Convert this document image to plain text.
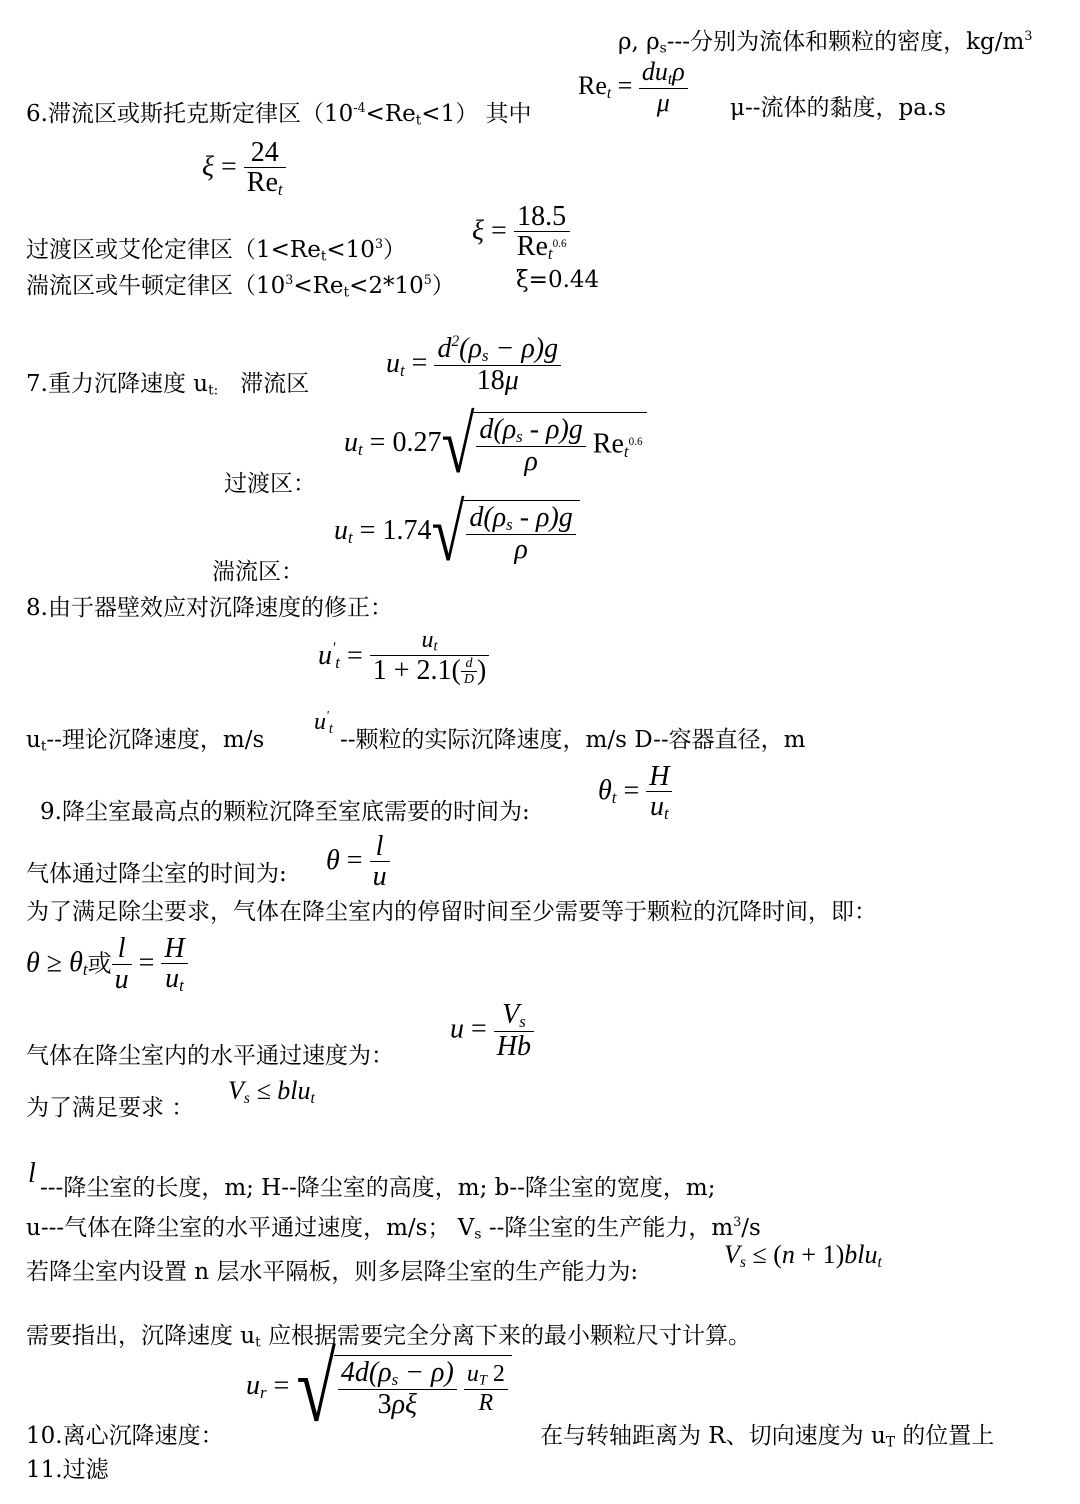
ρ, $\rho_s---$分别为流体和颗粒的密度，$kg/m^3$
6.滞流区或斯托克斯定律区$(10^{-4}<Re_t<1)$ 其中
$Re_t = \frac{du_t\rho}{\mu} \mu--$流体的黏度，pa.s
$\xi = \frac{24}{Re_t}$
过渡区或艾伦定律区$(1<Re_t<10^3)$
$\xi = \frac{18.5}{Re_t^{0.6}}$
湍流区或牛顿定律区$(10^3<Re_t<2*10^5)$	ξ=0.44
7.重力沉降速度 $u_{t:}$   滞流区
$u_t = \frac{d^2(\rho_s - \rho)g}{18\mu}$
过渡区：
$u_t = 0.27√ \frac{d(\rho_s - \rho)g}{\rho} Re_t^{0.6}$
湍流区：
$u_t = 1.74√ \frac{d(\rho_s - \rho)g}{\rho}$
8.由于器壁效应对沉降速度的修正：
$u'_t = \frac{u_t}{1 + 2.1( \frac{d}{D} )}$
$u_t--$理论沉降速度，m/s
$u'_t$ --颗粒的实际沉降速度，m/s D--容器直径，m
9.降尘室最高点的颗粒沉降至室底需要的时间为:
$\theta_t = \frac{H}{u_t}$
气体通过降尘室的时间为: $\theta = \frac{l}{u}$
为了满足除尘要求，气体在降尘室内的停留时间至少需要等于颗粒的沉降时间，即：
$\theta \ge \theta_t$或 $\frac{l}{u} = \frac{H}{u_t}$
$u = \frac{V_s}{Hb}$
气体在降尘室内的水平通过速度为：
为了满足要求 ：
$V_s \le blu_t$
l ---降尘室的长度，m; H--降尘室的高度，m; b--降尘室的宽度，m;
u---气体在降尘室的水平通过速度，m/s； $V_s$ --降尘室的生产能力，$m^3/s$
若降尘室内设置 n 层水平隔板，则多层降尘室的生产能力为:
$V_s \le (n + 1)blu_t$
需要指出，沉降速度 $u_t$ 应根据需要完全分离下来的最小颗粒尺寸计算。
$u_r$ = √ $\frac{4d(\rho_s - \rho)}{3\rho\xi}$
$\frac{u_T 2}{R}$
10.离心沉降速度：	在与转轴距离为 R、切向速度为 $u_T$ 的位置上
11.过滤
